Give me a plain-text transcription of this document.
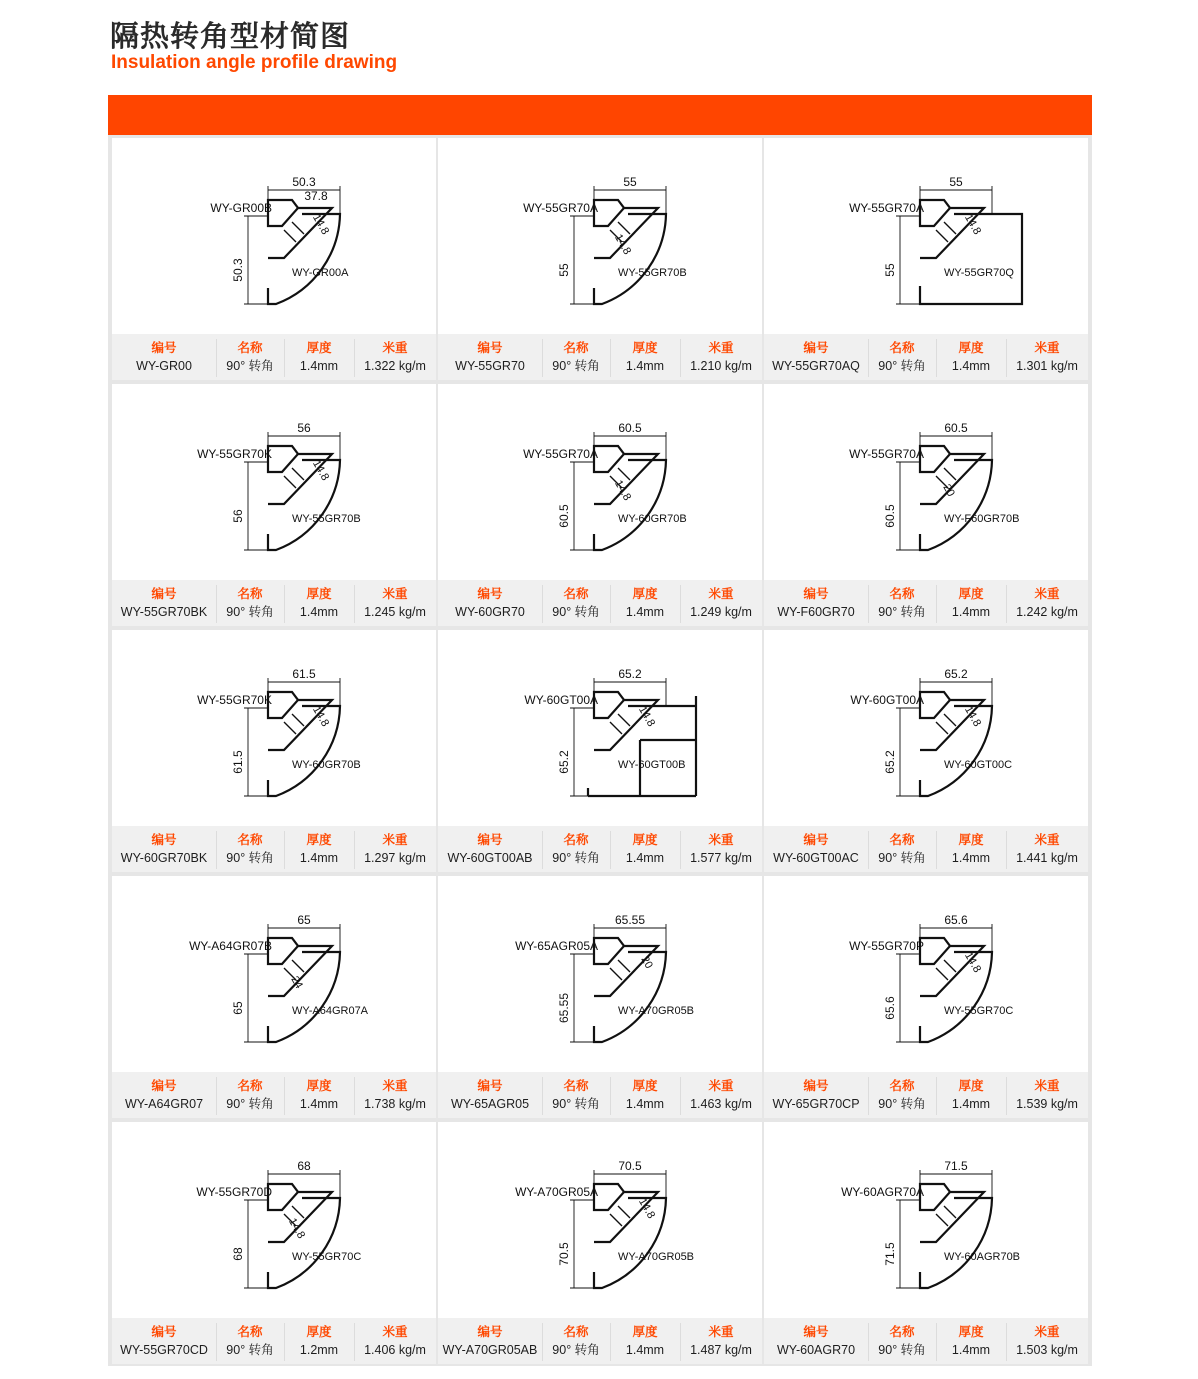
隔热转角型材简图
Insulation angle profile drawing
WY-GR00B
WY-GR00A
50.3
37.8
50.3
14.8
编号	名称	厚度	米重
WY-GR00	90° 转角	1.4mm	1.322 kg/m
WY-55GR70A
WY-55GR70B
55
55
14.8
编号	名称	厚度	米重
WY-55GR70	90° 转角	1.4mm	1.210 kg/m
WY-55GR70A
WY-55GR70Q
55
55
14.8
编号	名称	厚度	米重
WY-55GR70AQ	90° 转角	1.4mm	1.301 kg/m
WY-55GR70K
WY-55GR70B
56
56
14.8
编号	名称	厚度	米重
WY-55GR70BK	90° 转角	1.4mm	1.245 kg/m
WY-55GR70A
WY-60GR70B
60.5
60.5
14.8
编号	名称	厚度	米重
WY-60GR70	90° 转角	1.4mm	1.249 kg/m
WY-55GR70A
WY-F60GR70B
60.5
60.5
20
编号	名称	厚度	米重
WY-F60GR70	90° 转角	1.4mm	1.242 kg/m
WY-55GR70K
WY-60GR70B
61.5
61.5
14.8
编号	名称	厚度	米重
WY-60GR70BK	90° 转角	1.4mm	1.297 kg/m
WY-60GT00A
WY-60GT00B
65.2
65.2
14.8
编号	名称	厚度	米重
WY-60GT00AB	90° 转角	1.4mm	1.577 kg/m
WY-60GT00A
WY-60GT00C
65.2
65.2
14.8
编号	名称	厚度	米重
WY-60GT00AC	90° 转角	1.4mm	1.441 kg/m
WY-A64GR07B
WY-A64GR07A
65
65
24
编号	名称	厚度	米重
WY-A64GR07	90° 转角	1.4mm	1.738 kg/m
WY-65AGR05A
WY-A70GR05B
65.55
65.55
20
编号	名称	厚度	米重
WY-65AGR05	90° 转角	1.4mm	1.463 kg/m
WY-55GR70P
WY-55GR70C
65.6
65.6
14.8
编号	名称	厚度	米重
WY-65GR70CP	90° 转角	1.4mm	1.539 kg/m
WY-55GR70D
WY-55GR70C
68
68
14.8
编号	名称	厚度	米重
WY-55GR70CD	90° 转角	1.2mm	1.406 kg/m
WY-A70GR05A
WY-A70GR05B
70.5
70.5
14.8
编号	名称	厚度	米重
WY-A70GR05AB	90° 转角	1.4mm	1.487 kg/m
WY-60AGR70A
WY-60AGR70B
71.5
71.5
编号	名称	厚度	米重
WY-60AGR70	90° 转角	1.4mm	1.503 kg/m
